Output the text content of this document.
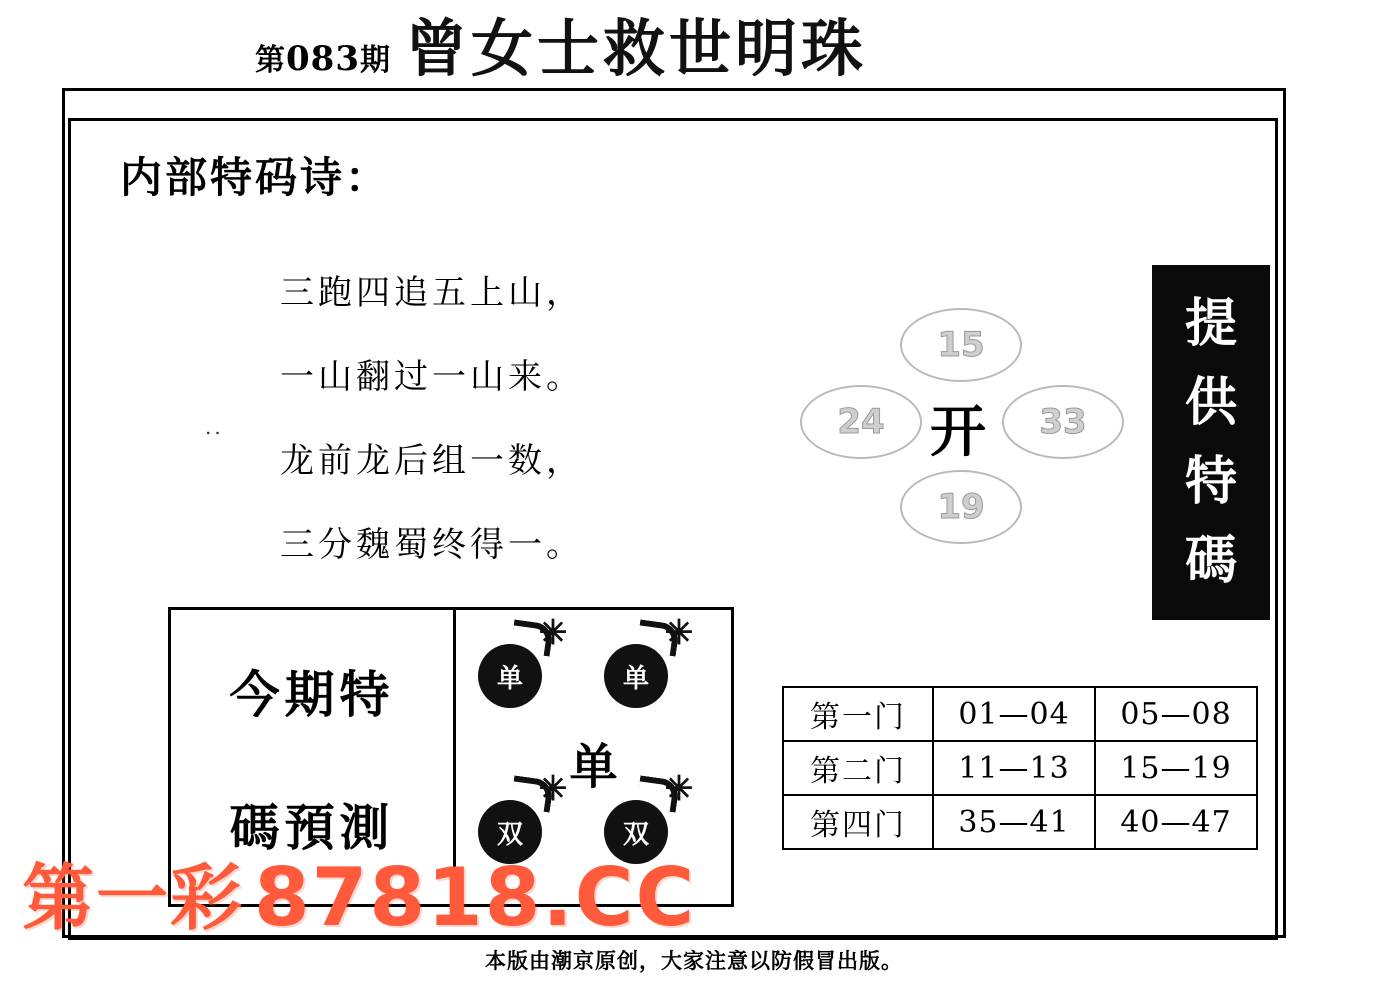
第083期 曾女士救世明珠
内部特码诗：
三跑四追五上山，
一山翻过一山来。
龙前龙后组一数，
三分魏蜀终得一。
..
15
24	33
19
开
提
供
特
碼
今期特
碼預測
✳
单
✳
单
单
✳
双
✳
双
第一门	01—04	05—08
第二门	11—13	15—19
第四门	35—41	40—47
本版由潮京原创，大家注意以防假冒出版。
第一彩 87818.CC
